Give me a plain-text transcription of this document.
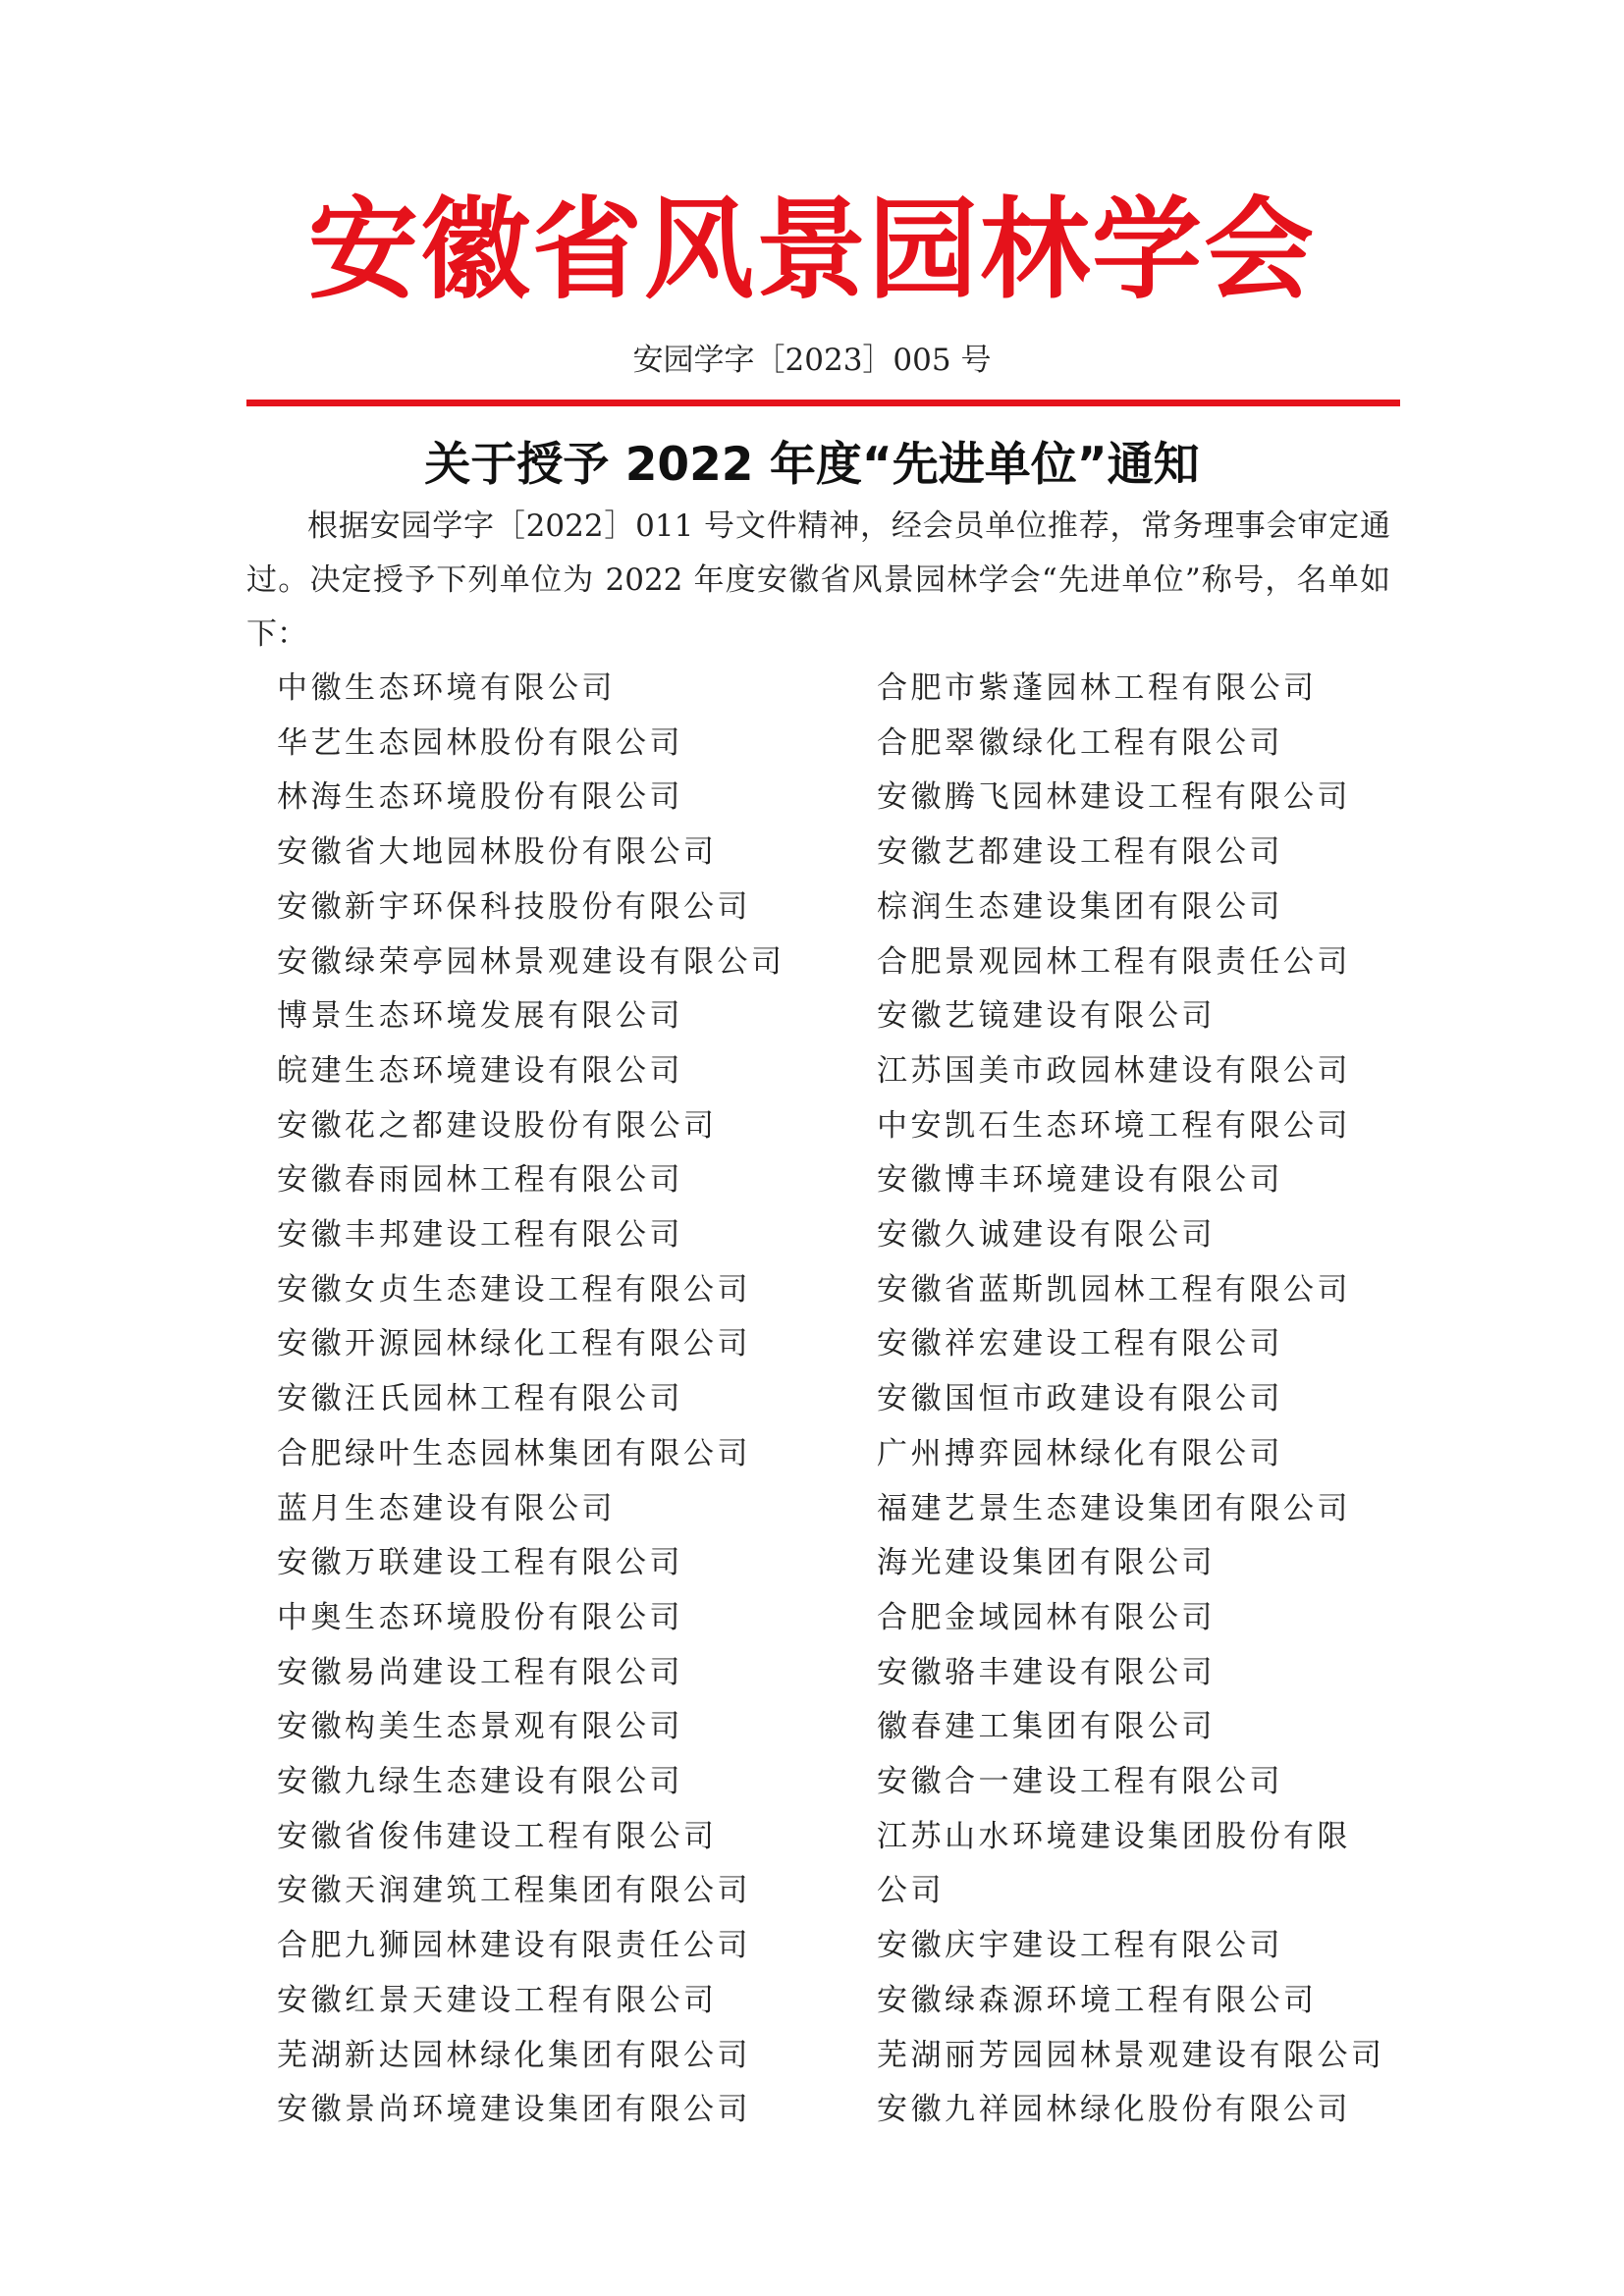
安徽省风景园林学会
安园学字［2023］005 号
关于授予 2022 年度“先进单位”通知

根据安园学字［2022］011 号文件精神，经会员单位推荐，常务理事会审定通过。决定授予下列单位为 2022 年度安徽省风景园林学会“先进单位”称号，名单如下：

中徽生态环境有限公司
华艺生态园林股份有限公司
林海生态环境股份有限公司
安徽省大地园林股份有限公司
安徽新宇环保科技股份有限公司
安徽绿荣亭园林景观建设有限公司
博景生态环境发展有限公司
皖建生态环境建设有限公司
安徽花之都建设股份有限公司
安徽春雨园林工程有限公司
安徽丰邦建设工程有限公司
安徽女贞生态建设工程有限公司
安徽开源园林绿化工程有限公司
安徽汪氏园林工程有限公司
合肥绿叶生态园林集团有限公司
蓝月生态建设有限公司
安徽万联建设工程有限公司
中奥生态环境股份有限公司
安徽易尚建设工程有限公司
安徽构美生态景观有限公司
安徽九绿生态建设有限公司
安徽省俊伟建设工程有限公司
安徽天润建筑工程集团有限公司
合肥九狮园林建设有限责任公司
安徽红景天建设工程有限公司
芜湖新达园林绿化集团有限公司
安徽景尚环境建设集团有限公司
合肥市紫蓬园林工程有限公司
合肥翠徽绿化工程有限公司
安徽腾飞园林建设工程有限公司
安徽艺都建设工程有限公司
棕润生态建设集团有限公司
合肥景观园林工程有限责任公司
安徽艺镜建设有限公司
江苏国美市政园林建设有限公司
中安凯石生态环境工程有限公司
安徽博丰环境建设有限公司
安徽久诚建设有限公司
安徽省蓝斯凯园林工程有限公司
安徽祥宏建设工程有限公司
安徽国恒市政建设有限公司
广州搏弈园林绿化有限公司
福建艺景生态建设集团有限公司
海光建设集团有限公司
合肥金域园林有限公司
安徽骆丰建设有限公司
徽春建工集团有限公司
安徽合一建设工程有限公司
江苏山水环境建设集团股份有限
公司
安徽庆宇建设工程有限公司
安徽绿森源环境工程有限公司
芜湖丽芳园园林景观建设有限公司
安徽九祥园林绿化股份有限公司
